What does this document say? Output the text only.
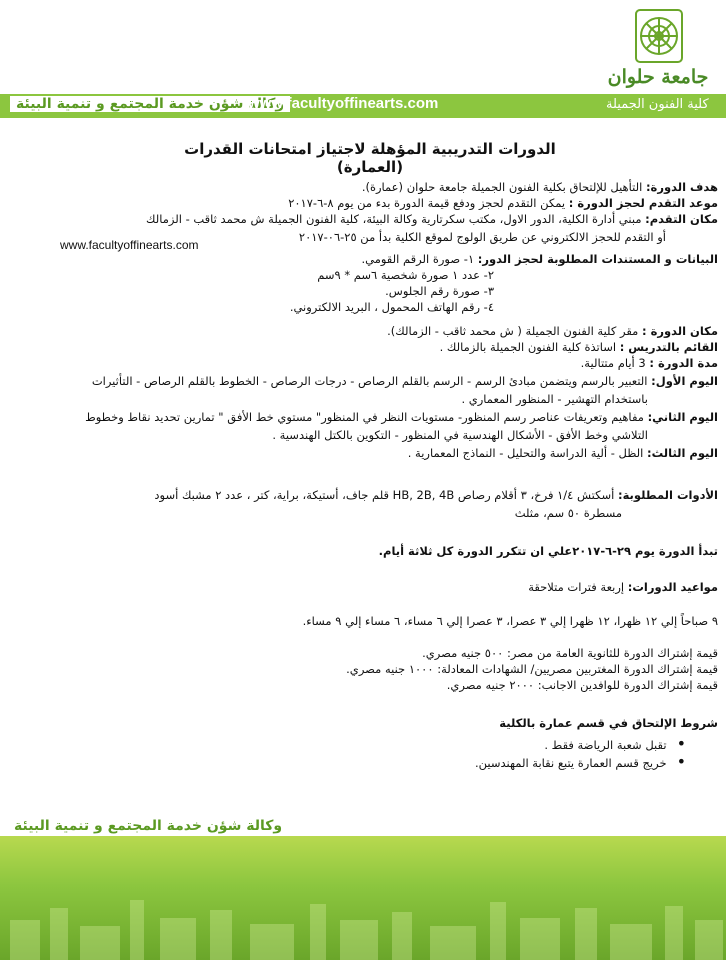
جامعة حلوان
وكالة شؤن خدمة المجتمع و تنمية البيئة
www.facultyoffinearts.com	كلية الفنون الجميلة
الدورات التدريبية المؤهلة لاجتياز امتحانات القدرات (العمارة)
هدف الدورة: التأهيل للإلتحاق بكلية الفنون الجميلة جامعة حلوان (عمارة).
موعد التقدم لحجز الدورة : يمكن التقدم لحجز ودفع قيمة الدورة بدء من يوم ٨-٦-٢٠١٧
مكان التقدم: مبني أدارة الكلية، الدور الاول، مكتب سكرتارية وكالة البيئة، كلية الفنون الجميلة ش محمد ثاقب - الزمالك
أو التقدم للحجز الالكتروني عن طريق الولوج لموقع الكلية بدأ من ٢٥-٠٦-٢٠١٧
www.facultyoffinearts.com
البيانات و المستندات المطلوبة لحجز الدور: ١- صورة الرقم القومي.
٢- عدد ١ صورة شخصية ٦سم * ٩سم
٣- صورة رقم الجلوس.
٤- رقم الهاتف المحمول ، البريد الالكتروني.
مكان الدورة : مقر كلية الفنون الجميلة ( ش محمد ثاقب - الزمالك).
القائم بالتدريس : اساتذة كلية الفنون الجميلة بالزمالك .
مدة الدورة : 3 أيام متتالية.
اليوم الأول: التعبير بالرسم ويتضمن مبادئ الرسم - الرسم بالقلم الرصاص - درجات الرصاص - الخطوط بالقلم الرصاص - التأثيرات
باستخدام التهشير - المنظور المعماري .
اليوم الثاني: مفاهيم وتعريفات عناصر رسم المنظور- مستويات النظر في المنظور" مستوي خط الأفق " تمارين تحديد نقاط وخطوط
التلاشي وخط الأفق - الأشكال الهندسية في المنظور - التكوين بالكتل الهندسية .
اليوم الثالث: الظل - ألية الدراسة والتحليل - النماذج المعمارية .
الأدوات المطلوبة: أسكتش ١/٤ فرخ، ٣ أقلام رصاص HB, 2B, 4B قلم جاف، أستيكة، براية، كتر ، عدد ٢ مشبك أسود
مسطرة ٥٠ سم، مثلث
تبدأ الدورة يوم ٢٩-٦-٢٠١٧علي ان تتكرر الدورة كل ثلاثة أيام.
مواعيد الدورات: إربعة فترات متلاحقة
٩ صباحاً إلي ١٢ ظهرا، ١٢ ظهرا إلي ٣ عصرا، ٣ عصرا إلي ٦ مساء، ٦ مساء إلي ٩ مساء.
قيمة إشتراك الدورة للثانوية العامة من مصر: ٥٠٠ جنيه مصري.
قيمة إشتراك الدورة المغتربين مصريين/ الشهادات المعادلة: ١٠٠٠ جنيه مصري.
قيمة إشتراك الدورة للوافدين الاجانب: ٢٠٠٠ جنيه مصري.
شروط الإلتحاق في قسم عمارة بالكلية
• تقبل شعبة الرياضة فقط .
• خريج قسم العمارة يتبع نقابة المهندسين.
وكالة شؤن خدمة المجتمع و تنمية البيئة
